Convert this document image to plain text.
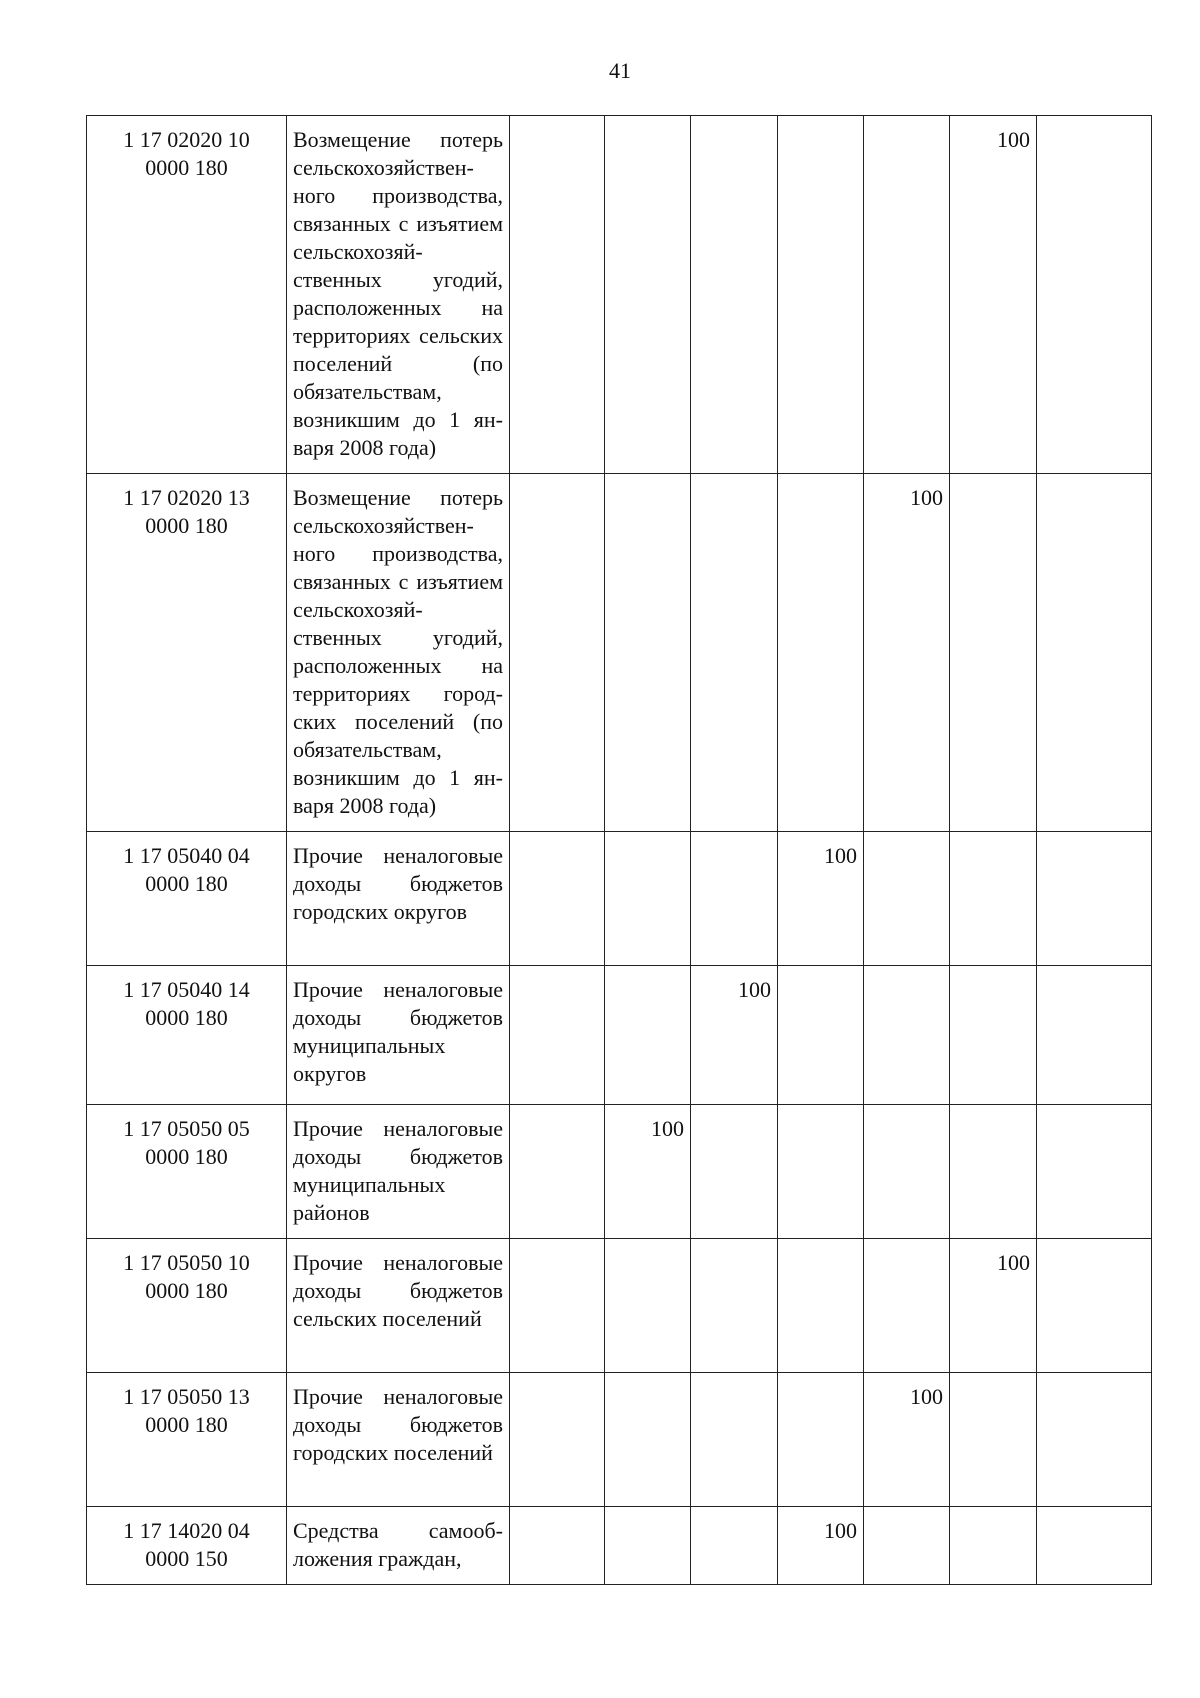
41
1 17 02020 10
0000 180	Возмещение потерь сельскохозяйственного производства, связанных с изъятием сельскохозяйственных угодий, расположенных на территориях сельских поселений (по обязательствам, возникшим до 1 января 2008 года)						100	
1 17 02020 13
0000 180	Возмещение потерь сельскохозяйственного производства, связанных с изъятием сельскохозяйственных угодий, расположенных на территориях городских поселений (по обязательствам, возникшим до 1 января 2008 года)					100		
1 17 05040 04
0000 180	Прочие неналоговые доходы бюджетов городских округов				100			
1 17 05040 14
0000 180	Прочие неналоговые доходы бюджетов муниципальных округов			100				
1 17 05050 05
0000 180	Прочие неналоговые доходы бюджетов муниципальных районов		100					
1 17 05050 10
0000 180	Прочие неналоговые доходы бюджетов сельских поселений						100	
1 17 05050 13
0000 180	Прочие неналоговые доходы бюджетов городских поселений					100		
1 17 14020 04
0000 150	Средства самообложения граждан,				100			
